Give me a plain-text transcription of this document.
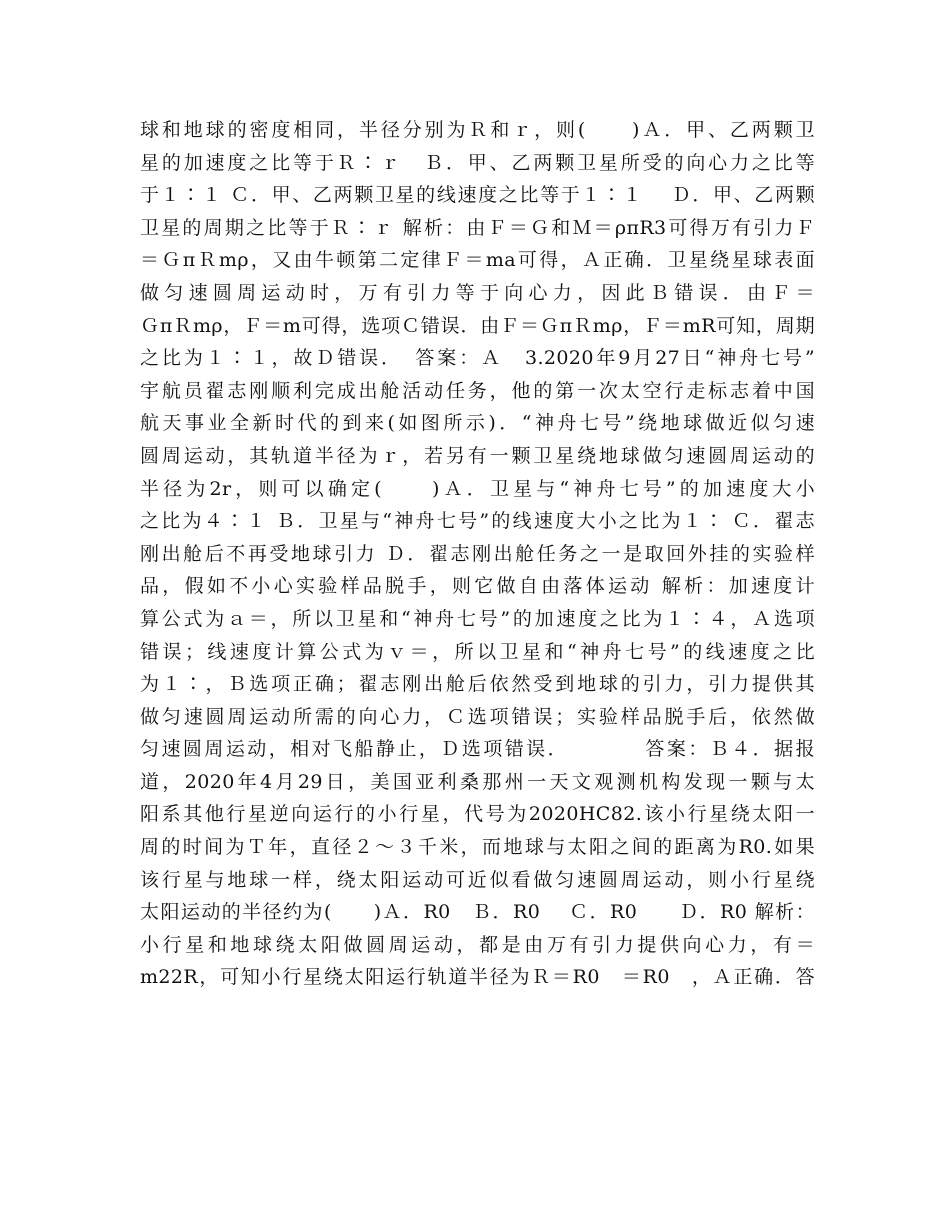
球和地球的密度相同，半径分别为Ｒ和ｒ，则(　　)Ａ．甲、乙两颗卫
星的加速度之比等于Ｒ∶ｒ　Ｂ．甲、乙两颗卫星所受的向心力之比等
于１∶１ Ｃ．甲、乙两颗卫星的线速度之比等于１∶１　 Ｄ．甲、乙两颗
卫星的周期之比等于Ｒ∶ｒ 解析：由Ｆ＝Ｇ和Ｍ＝ρπR3可得万有引力Ｆ
＝ＧπＲmρ，又由牛顿第二定律Ｆ＝ma可得，Ａ正确．卫星绕星球表面
做匀速圆周运动时，万有引力等于向心力，因此Ｂ错误．由Ｆ＝
ＧπＲmρ，Ｆ＝m可得，选项Ｃ错误．由Ｆ＝ＧπＲmρ，Ｆ＝mR可知，周期
之比为１∶１，故Ｄ错误．　答案：Ａ　3.2020年9月27日“神舟七号”
宇航员翟志刚顺利完成出舱活动任务，他的第一次太空行走标志着中国
航天事业全新时代的到来(如图所示)．“神舟七号”绕地球做近似匀速
圆周运动，其轨道半径为ｒ，若另有一颗卫星绕地球做匀速圆周运动的
半径为2r，则可以确定(　　)Ａ．卫星与“神舟七号”的加速度大小
之比为４∶１ Ｂ．卫星与“神舟七号”的线速度大小之比为１∶ Ｃ．翟志
刚出舱后不再受地球引力 Ｄ．翟志刚出舱任务之一是取回外挂的实验样
品，假如不小心实验样品脱手，则它做自由落体运动 解析：加速度计
算公式为ａ＝，所以卫星和“神舟七号”的加速度之比为１∶４，Ａ选项
错误；线速度计算公式为ｖ＝，所以卫星和“神舟七号”的线速度之比
为１∶，Ｂ选项正确；翟志刚出舱后依然受到地球的引力，引力提供其
做匀速圆周运动所需的向心力，Ｃ选项错误；实验样品脱手后，依然做
匀速圆周运动，相对飞船静止，Ｄ选项错误．　　　　答案：Ｂ４．据报
道，2020年4月29日，美国亚利桑那州一天文观测机构发现一颗与太
阳系其他行星逆向运行的小行星，代号为2020HC82.该小行星绕太阳一
周的时间为Ｔ年，直径２～３千米，而地球与太阳之间的距离为R0.如果
该行星与地球一样，绕太阳运动可近似看做匀速圆周运动，则小行星绕
太阳运动的半径约为(　　)Ａ．R0　Ｂ．R0　 Ｃ．R0　　Ｄ．R0 解析：
小行星和地球绕太阳做圆周运动，都是由万有引力提供向心力，有＝
m22R，可知小行星绕太阳运行轨道半径为Ｒ＝R0　＝R0　，Ａ正确．答
